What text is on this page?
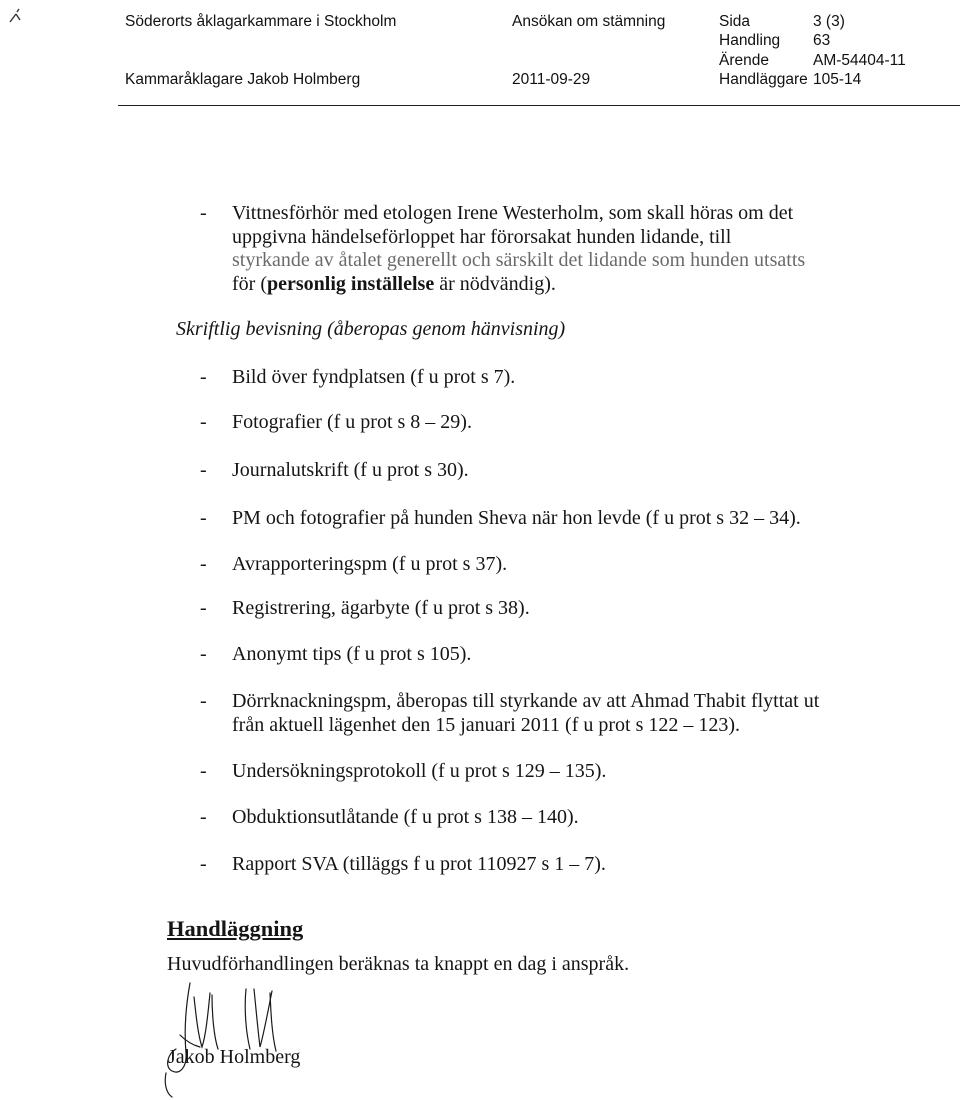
Söderorts åklagarkammare i Stockholm
Kammaråklagare Jakob Holmberg
Ansökan om stämning
2011-09-29
Sida	3 (3)
Handling 63
Ärende	AM-54404-11
Handläggare 105-14
- Vittnesförhör med etologen Irene Westerholm, som skall höras om det
uppgivna händelseförloppet har förorsakat hunden lidande, till
styrkande av åtalet generellt och särskilt det lidande som hunden utsatts
för (personlig inställelse är nödvändig).
Skriftlig bevisning (åberopas genom hänvisning)
- Bild över fyndplatsen (f u prot s 7).
- Fotografier (f u prot s 8 – 29).
- Journalutskrift (f u prot s 30).
- PM och fotografier på hunden Sheva när hon levde (f u prot s 32 – 34).
- Avrapporteringspm (f u prot s 37).
- Registrering, ägarbyte (f u prot s 38).
- Anonymt tips (f u prot s 105).
- Dörrknackningspm, åberopas till styrkande av att Ahmad Thabit flyttat ut från aktuell lägenhet den 15 januari 2011 (f u prot s 122 – 123).
- Undersökningsprotokoll (f u prot s 129 – 135).
- Obduktionsutlåtande (f u prot s 138 – 140).
- Rapport SVA (tilläggs f u prot 110927 s 1 – 7).
Handläggning
Huvudförhandlingen beräknas ta knappt en dag i anspråk.
Jakob Holmberg
